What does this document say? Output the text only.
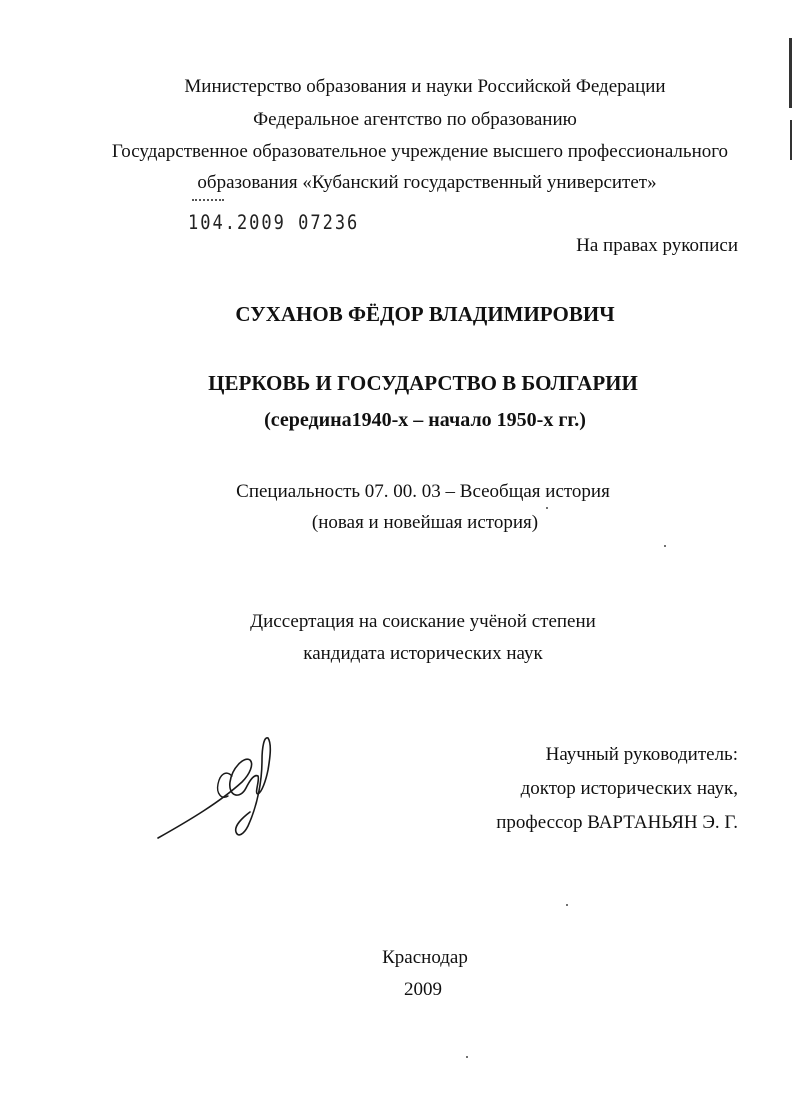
Министерство образования и науки Российской Федерации
Федеральное агентство по образованию
Государственное образовательное учреждение высшего профессионального
образования «Кубанский государственный университет»
104.2009 07236
На правах рукописи
СУХАНОВ ФЁДОР ВЛАДИМИРОВИЧ
ЦЕРКОВЬ И ГОСУДАРСТВО В БОЛГАРИИ
(середина1940-х – начало 1950-х гг.)
Специальность 07. 00. 03 – Всеобщая история
(новая и новейшая история)
Диссертация на соискание учёной степени
кандидата исторических наук
Научный руководитель:
доктор исторических наук,
профессор ВАРТАНЬЯН Э. Г.
Краснодар
2009
